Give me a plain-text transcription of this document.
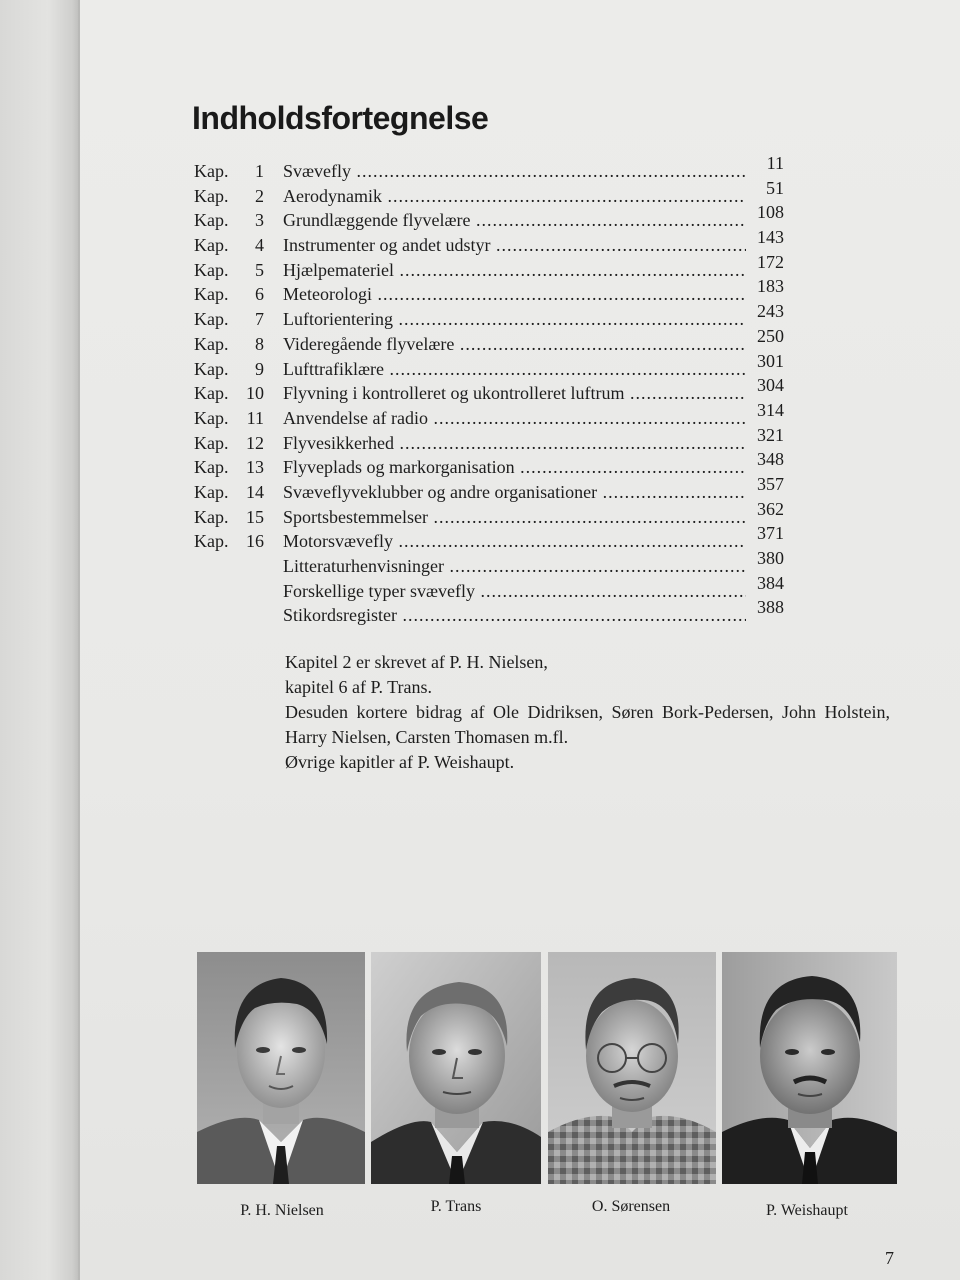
Indholdsfortegnelse
Kap.	1 Svævefly .....	11
Kap.	2 Aerodynamik .....	51
Kap.	3 Grundlæggende flyvelære .....	108
Kap.	4 Instrumenter og andet udstyr .....	143
Kap.	5 Hjælpemateriel .....	172
Kap.	6 Meteorologi .....	183
Kap.	7 Luftorientering .....	243
Kap.	8 Videregående flyvelære .....	250
Kap.	9 Lufttrafiklære .....	301
Kap. 10 Flyvning i kontrolleret og ukontrolleret luftrum .....	304
Kap.	11 Anvendelse af radio .....	314
Kap. 12 Flyvesikkerhed .....	321
Kap. 13 Flyveplads og markorganisation .....	348
Kap. 14 Svæveflyveklubber og andre organisationer .....	357
Kap. 15 Sportsbestemmelser .....	362
Kap. 16 Motorsvævefly .....	371
Litteraturhenvisninger .....	380
Forskellige typer svævefly .....	384
Stikordsregister .....	388

Kapitel 2 er skrevet af P. H. Nielsen,

kapitel 6 af P. Trans.

Desuden kortere bidrag af Ole Didriksen, Søren Bork-Pedersen, John Holstein, Harry Nielsen, Carsten Thomasen m.fl.

Øvrige kapitler af P. Weishaupt.

P. H. Nielsen	P. Trans	O. Sørensen	P. Weishaupt
7
